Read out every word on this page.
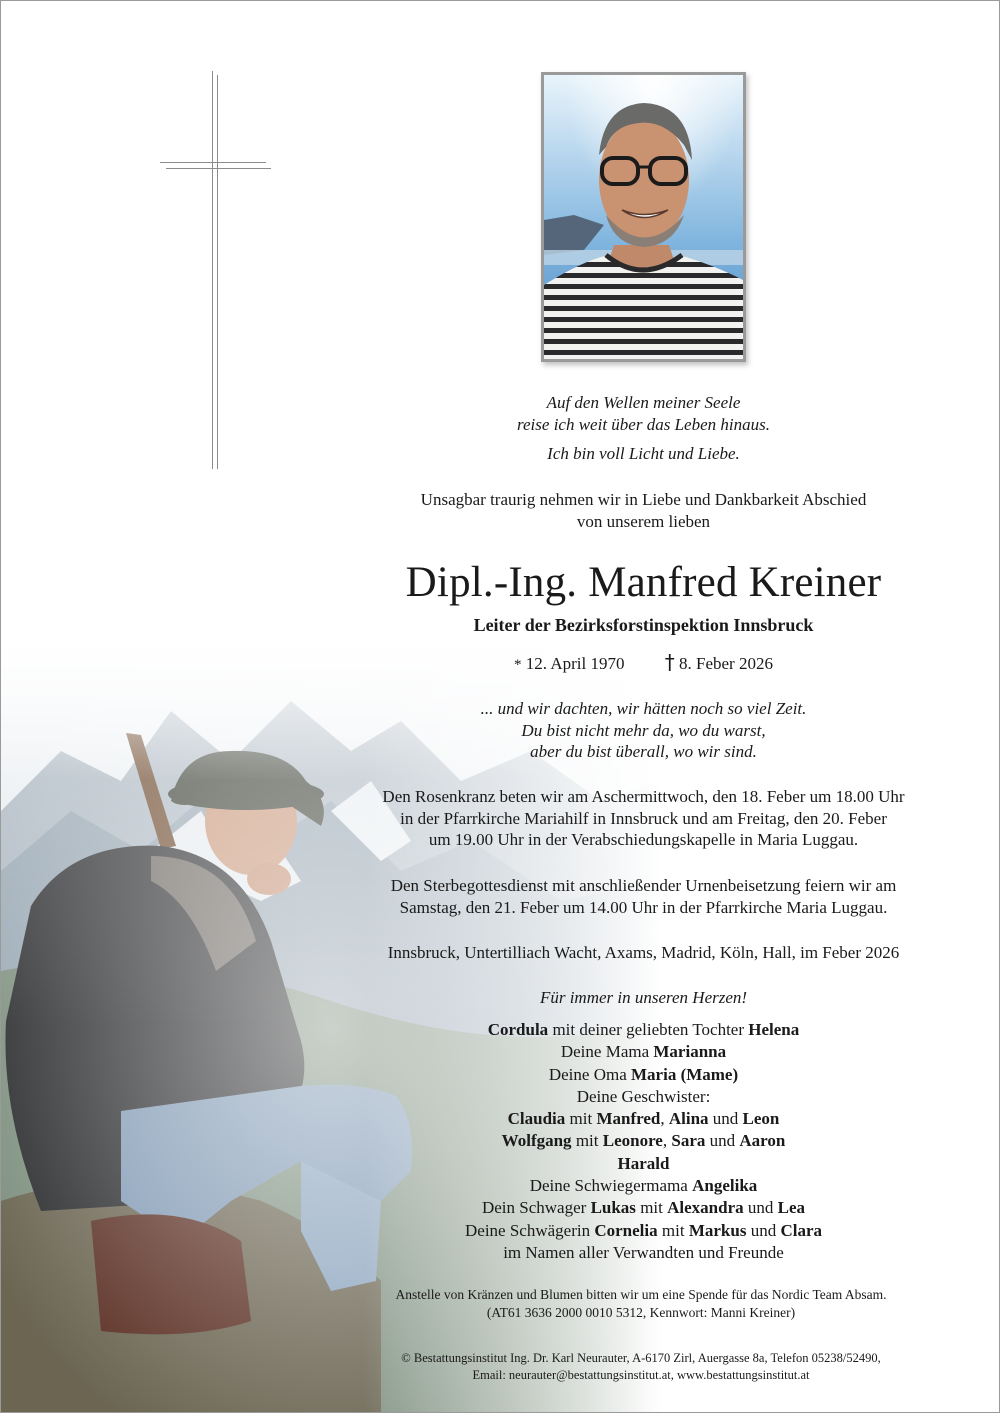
Auf den Wellen meiner Seele
reise ich weit über das Leben hinaus.
Ich bin voll Licht und Liebe.
Unsagbar traurig nehmen wir in Liebe und Dankbarkeit Abschied
von unserem lieben
Dipl.-Ing. Manfred Kreiner
Leiter der Bezirksforstinspektion Innsbruck
* 12. April 1970 † 8. Feber 2026
... und wir dachten, wir hätten noch so viel Zeit.
Du bist nicht mehr da, wo du warst,
aber du bist überall, wo wir sind.
Den Rosenkranz beten wir am Aschermittwoch, den 18. Feber um 18.00 Uhr
in der Pfarrkirche Mariahilf in Innsbruck und am Freitag, den 20. Feber
um 19.00 Uhr in der Verabschiedungskapelle in Maria Luggau.
Den Sterbegottesdienst mit anschließender Urnenbeisetzung feiern wir am
Samstag, den 21. Feber um 14.00 Uhr in der Pfarrkirche Maria Luggau.
Innsbruck, Untertilliach Wacht, Axams, Madrid, Köln, Hall, im Feber 2026
Für immer in unseren Herzen!
Cordula mit deiner geliebten Tochter Helena
Deine Mama Marianna
Deine Oma Maria (Mame)
Deine Geschwister:
Claudia mit Manfred, Alina und Leon
Wolfgang mit Leonore, Sara und Aaron
Harald
Deine Schwiegermama Angelika
Dein Schwager Lukas mit Alexandra und Lea
Deine Schwägerin Cornelia mit Markus und Clara
im Namen aller Verwandten und Freunde
Anstelle von Kränzen und Blumen bitten wir um eine Spende für das Nordic Team Absam.
(AT61 3636 2000 0010 5312, Kennwort: Manni Kreiner)
© Bestattungsinstitut Ing. Dr. Karl Neurauter, A-6170 Zirl, Auergasse 8a, Telefon 05238/52490,
Email: neurauter@bestattungsinstitut.at, www.bestattungsinstitut.at
